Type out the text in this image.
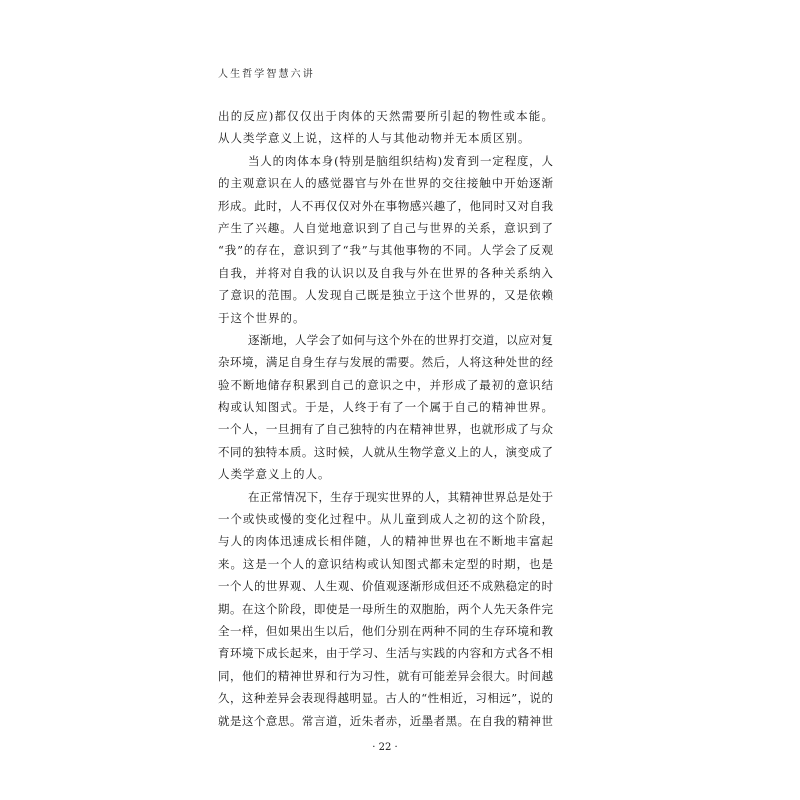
人生哲学智慧六讲
出的反应)都仅仅出于肉体的天然需要所引起的物性或本能。
从人类学意义上说，这样的人与其他动物并无本质区别。
当人的肉体本身(特别是脑组织结构)发育到一定程度，人
的主观意识在人的感觉器官与外在世界的交往接触中开始逐渐
形成。此时，人不再仅仅对外在事物感兴趣了，他同时又对自我
产生了兴趣。人自觉地意识到了自己与世界的关系，意识到了
“我”的存在，意识到了“我”与其他事物的不同。人学会了反观
自我，并将对自我的认识以及自我与外在世界的各种关系纳入
了意识的范围。人发现自己既是独立于这个世界的，又是依赖
于这个世界的。
逐渐地，人学会了如何与这个外在的世界打交道，以应对复
杂环境，满足自身生存与发展的需要。然后，人将这种处世的经
验不断地储存积累到自己的意识之中，并形成了最初的意识结
构或认知图式。于是，人终于有了一个属于自己的精神世界。
一个人，一旦拥有了自己独特的内在精神世界，也就形成了与众
不同的独特本质。这时候，人就从生物学意义上的人，演变成了
人类学意义上的人。
在正常情况下，生存于现实世界的人，其精神世界总是处于
一个或快或慢的变化过程中。从儿童到成人之初的这个阶段，
与人的肉体迅速成长相伴随，人的精神世界也在不断地丰富起
来。这是一个人的意识结构或认知图式都未定型的时期，也是
一个人的世界观、人生观、价值观逐渐形成但还不成熟稳定的时
期。在这个阶段，即使是一母所生的双胞胎，两个人先天条件完
全一样，但如果出生以后，他们分别在两种不同的生存环境和教
育环境下成长起来，由于学习、生活与实践的内容和方式各不相
同，他们的精神世界和行为习性，就有可能差异会很大。时间越
久，这种差异会表现得越明显。古人的“性相近，习相远”，说的
就是这个意思。常言道，近朱者赤，近墨者黑。在自我的精神世
· 22 ·
